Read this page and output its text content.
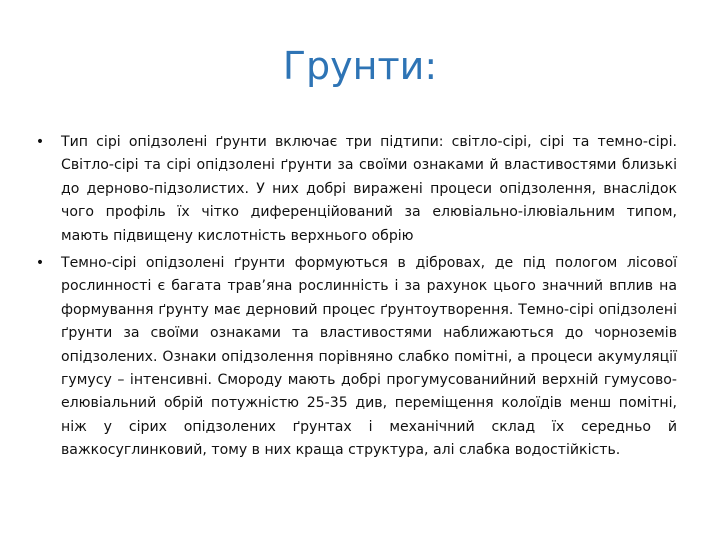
Грунти:
• Тип сірі опідзолені ґрунти включає три підтипи: світло-сірі, сірі та темно-сірі. Світло-сірі та сірі опідзолені ґрунти за своїми ознаками й властивостями близькі до дерново-підзолистих. У них добрі виражені процеси опідзолення, внаслідок чого профіль їх чітко диференційований за елювіально-ілювіальним типом, мають підвищену кислотність верхнього обрію
• Темно-сірі опідзолені ґрунти формуються в дібровах, де під пологом лісової рослинності є багата трав’яна рослинність і за рахунок цього значний вплив на формування ґрунту має дерновий процес ґрунтоутворення. Темно-сірі опідзолені ґрунти за своїми ознаками та властивостями наближаються до чорноземів опідзолених. Ознаки опідзолення порівняно слабко помітні, а процеси акумуляції гумусу – інтенсивні. Смороду мають добрі прогумусованийний верхній гумусово-елювіальний обрій потужністю 25-35 див, переміщення колоїдів менш помітні, ніж у сірих опідзолених ґрунтах і механічний склад їх середньо й важкосуглинковий, тому в них краща структура, алі слабка водостійкість.
